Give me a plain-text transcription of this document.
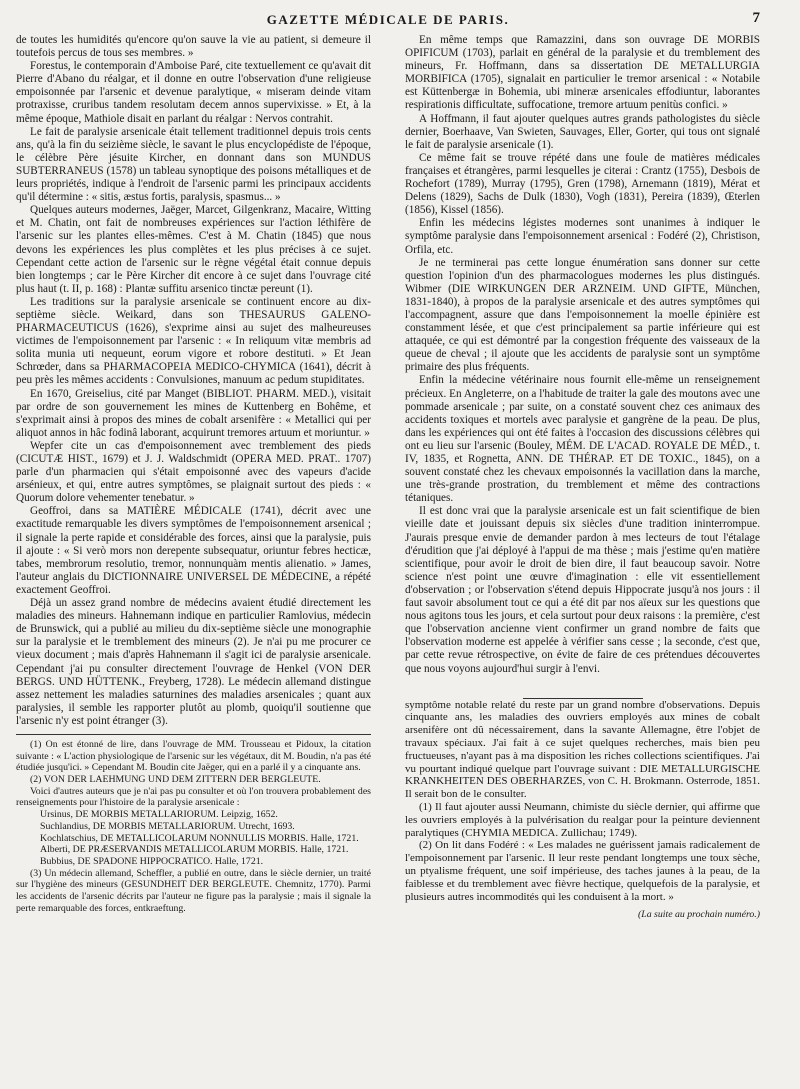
GAZETTE MÉDICALE DE PARIS.	7

de toutes les humidités qu'encore qu'on sauve la vie au patient, si demeure il toutefois percus de tous ses membres. »

Forestus, le contemporain d'Amboise Paré, cite textuellement ce qu'avait dit Pierre d'Abano du réalgar, et il donne en outre l'observation d'une religieuse empoisonnée par l'arsenic et devenue paralytique, « miseram deinde vitam protraxisse, cruribus tandem resolutam decem annos supervixisse. » Et, à la même époque, Mathiole disait en parlant du réalgar : Nervos contrahit.

Le fait de paralysie arsenicale était tellement traditionnel depuis trois cents ans, qu'à la fin du seizième siècle, le savant le plus encyclopédiste de l'époque, le célèbre Père jésuite Kircher, en donnant dans son MUNDUS SUBTERRANEUS (1578) un tableau synoptique des poisons métalliques et de leurs propriétés, indique à l'endroit de l'arsenic parmi les principaux accidents qu'il détermine : « sitis, æstus fortis, paralysis, spasmus... »

Quelques auteurs modernes, Jaëger, Marcet, Gilgenkranz, Macaire, Witting et M. Chatin, ont fait de nombreuses expériences sur l'action léthifère de l'arsenic sur les plantes elles-mêmes. C'est à M. Chatin (1845) que nous devons les expériences les plus complètes et les plus précises à ce sujet. Cependant cette action de l'arsenic sur le règne végétal était connue depuis bien longtemps ; car le Père Kircher dit encore à ce sujet dans l'ouvrage cité plus haut (t. II, p. 168) : Plantæ suffitu arsenico tinctæ pereunt (1).

Les traditions sur la paralysie arsenicale se continuent encore au dix-septième siècle. Weikard, dans son THESAURUS GALENO-PHARMACEUTICUS (1626), s'exprime ainsi au sujet des malheureuses victimes de l'empoisonnement par l'arsenic : « In reliquum vitæ membris ad solita munia uti nequeunt, eorum vigore et robore destituti. » Et Jean Schrœder, dans sa PHARMACOPEIA MEDICO-CHYMICA (1641), décrit à peu près les mêmes accidents : Convulsiones, manuum ac pedum stupiditates.

En 1670, Greiselius, cité par Manget (BIBLIOT. PHARM. MED.), visitait par ordre de son gouvernement les mines de Kuttenberg en Bohême, et s'exprimait ainsi à propos des mines de cobalt arsenifère : « Metallici qui per aliquot annos in hâc fodinâ laborant, acquirunt tremores artuum et moriuntur. »

Wepfer cite un cas d'empoisonnement avec tremblement des pieds (CICUTÆ HIST., 1679) et J. J. Waldschmidt (OPERA MED. PRAT.. 1707) parle d'un pharmacien qui s'était empoisonné avec des vapeurs d'acide arsénieux, et qui, entre autres symptômes, se plaignait surtout des pieds : « Quorum dolore vehementer tenebatur. »

Geoffroi, dans sa MATIÈRE MÉDICALE (1741), décrit avec une exactitude remarquable les divers symptômes de l'empoisonnement arsenical ; il signale la perte rapide et considérable des forces, ainsi que la paralysie, puis il ajoute : « Si verò mors non derepente subsequatur, oriuntur febres hecticæ, tabes, membrorum resolutio, tremor, nonnunquàm mentis alienatio. » James, l'auteur anglais du DICTIONNAIRE UNIVERSEL DE MÉDECINE, a répété exactement Geoffroi.

Déjà un assez grand nombre de médecins avaient étudié directement les maladies des mineurs. Hahnemann indique en particulier Ramlovius, médecin de Brunswick, qui a publié au milieu du dix-septième siècle une monographie sur la paralysie et le tremblement des mineurs (2). Je n'ai pu me procurer ce vieux document ; mais d'après Hahnemann il s'agit ici de paralysie arsenicale. Cependant j'ai pu consulter directement l'ouvrage de Henkel (VON DER BERGS. UND HÜTTENK., Freyberg, 1728). Le médecin allemand distingue assez nettement les maladies saturnines des maladies arsenicales ; quant aux paralysies, il semble les rapporter plutôt au plomb, quoiqu'il soutienne que l'arsenic n'y est point étranger (3).

(1) On est étonné de lire, dans l'ouvrage de MM. Trousseau et Pidoux, la citation suivante : « L'action physiologique de l'arsenic sur les végétaux, dit M. Boudin, n'a pas été étudiée jusqu'ici. » Cependant M. Boudin cite Jaëger, qui en a parlé il y a cinquante ans.

(2) VON DER LAEHMUNG UND DEM ZITTERN DER BERGLEUTE.

Voici d'autres auteurs que je n'ai pas pu consulter et où l'on trouvera probablement des renseignements pour l'histoire de la paralysie arsenicale :

Ursinus, DE MORBIS METALLARIORUM. Leipzig, 1652.

Suchlandius, DE MORBIS METALLARIORUM. Utrecht, 1693.

Kochlatschius, DE METALLICOLARUM NONNULLIS MORBIS. Halle, 1721.

Alberti, DE PRÆSERVANDIS METALLICOLARUM MORBIS. Halle, 1721.

Bubbius, DE SPADONE HIPPOCRATICO. Halle, 1721.

(3) Un médecin allemand, Scheffler, a publié en outre, dans le siècle dernier, un traité sur l'hygiène des mineurs (GESUNDHEIT DER BERGLEUTE. Chemnitz, 1770). Parmi les accidents de l'arsenic décrits par l'auteur ne figure pas la paralysie ; mais il signale la perte remarquable des forces, entkraeftung.

En même temps que Ramazzini, dans son ouvrage DE MORBIS OPIFICUM (1703), parlait en général de la paralysie et du tremblement des mineurs, Fr. Hoffmann, dans sa dissertation DE METALLURGIA MORBIFICA (1705), signalait en particulier le tremor arsenical : « Notabile est Küttenbergæ in Bohemia, ubi mineræ arsenicales effodiuntur, laborantes respirationis difficultate, suffocatione, tremore artuum penitùs confici. »

A Hoffmann, il faut ajouter quelques autres grands pathologistes du siècle dernier, Boerhaave, Van Swieten, Sauvages, Eller, Gorter, qui tous ont signalé le fait de paralysie arsenicale (1).

Ce même fait se trouve répété dans une foule de matières médicales françaises et étrangères, parmi lesquelles je citerai : Crantz (1755), Desbois de Rochefort (1789), Murray (1795), Gren (1798), Arnemann (1819), Mérat et Delens (1829), Sachs de Dulk (1830), Vogh (1831), Pereira (1839), Œterlen (1856), Kissel (1856).

Enfin les médecins légistes modernes sont unanimes à indiquer le symptôme paralysie dans l'empoisonnement arsenical : Fodéré (2), Christison, Orfila, etc.

Je ne terminerai pas cette longue énumération sans donner sur cette question l'opinion d'un des pharmacologues modernes les plus distingués. Wibmer (DIE WIRKUNGEN DER ARZNEIM. UND GIFTE, München, 1831-1840), à propos de la paralysie arsenicale et des autres symptômes qui l'accompagnent, assure que dans l'empoisonnement la moelle épinière est constamment lésée, et que c'est principalement sa partie inférieure qui est attaquée, ce qui est démontré par la congestion fréquente des vaisseaux de la queue de cheval ; il ajoute que les accidents de paralysie sont un symptôme primaire des plus fréquents.

Enfin la médecine vétérinaire nous fournit elle-même un renseignement précieux. En Angleterre, on a l'habitude de traiter la gale des moutons avec une pommade arsenicale ; par suite, on a constaté souvent chez ces animaux des accidents toxiques et mortels avec paralysie et gangrène de la peau. De plus, dans les expériences qui ont été faites à l'occasion des discussions célèbres qui ont eu lieu sur l'arsenic (Bouley, MÉM. DE L'ACAD. ROYALE DE MÉD., t. IV, 1835, et Rognetta, ANN. DE THÉRAP. ET DE TOXIC., 1845), on a souvent constaté chez les chevaux empoisonnés la vacillation dans la marche, une très-grande prostration, du tremblement et même des contractions tétaniques.

Il est donc vrai que la paralysie arsenicale est un fait scientifique de bien vieille date et jouissant depuis six siècles d'une tradition ininterrompue. J'aurais presque envie de demander pardon à mes lecteurs de tout l'étalage d'érudition que j'ai déployé à l'appui de ma thèse ; mais j'estime qu'en matière scientifique, pour avoir le droit de bien dire, il faut beaucoup savoir. Notre science n'est point une œuvre d'imagination : elle vit essentiellement d'observation ; or l'observation s'étend depuis Hippocrate jusqu'à nos jours : il faut savoir absolument tout ce qui a été dit par nos aïeux sur les questions que nous agitons tous les jours, et cela surtout pour deux raisons : la première, c'est que l'observation ancienne vient confirmer un grand nombre de faits que l'observation moderne est appelée à vérifier sans cesse ; la seconde, c'est que, par cette revue rétrospective, on évite de faire de ces prétendues découvertes que nous voyons aujourd'hui surgir à l'envi.

symptôme notable relaté du reste par un grand nombre d'observations. Depuis cinquante ans, les maladies des ouvriers employés aux mines de cobalt arsenifère ont dû nécessairement, dans la savante Allemagne, être l'objet de travaux spéciaux. J'ai fait à ce sujet quelques recherches, mais bien peu fructueuses, n'ayant pas à ma disposition les riches collections scientifiques. J'ai vu pourtant indiqué quelque part l'ouvrage suivant : DIE METALLURGISCHE KRANKHEITEN DES OBERHARZES, von C. H. Brokmann. Osterrode, 1851. Il serait bon de le consulter.

(1) Il faut ajouter aussi Neumann, chimiste du siècle dernier, qui affirme que les ouvriers employés à la pulvérisation du realgar pour la peinture deviennent paralytiques (CHYMIA MEDICA. Zullichau; 1749).

(2) On lit dans Fodéré : « Les malades ne guérissent jamais radicalement de l'empoisonnement par l'arsenic. Il leur reste pendant longtemps une toux sèche, un ptyalisme fréquent, une soif impérieuse, des taches jaunes à la peau, de la faiblesse et du tremblement avec fièvre hectique, quelquefois de la paralysie, et plusieurs autres incommodités qui les conduisent à la mort. »

(La suite au prochain numéro.)
